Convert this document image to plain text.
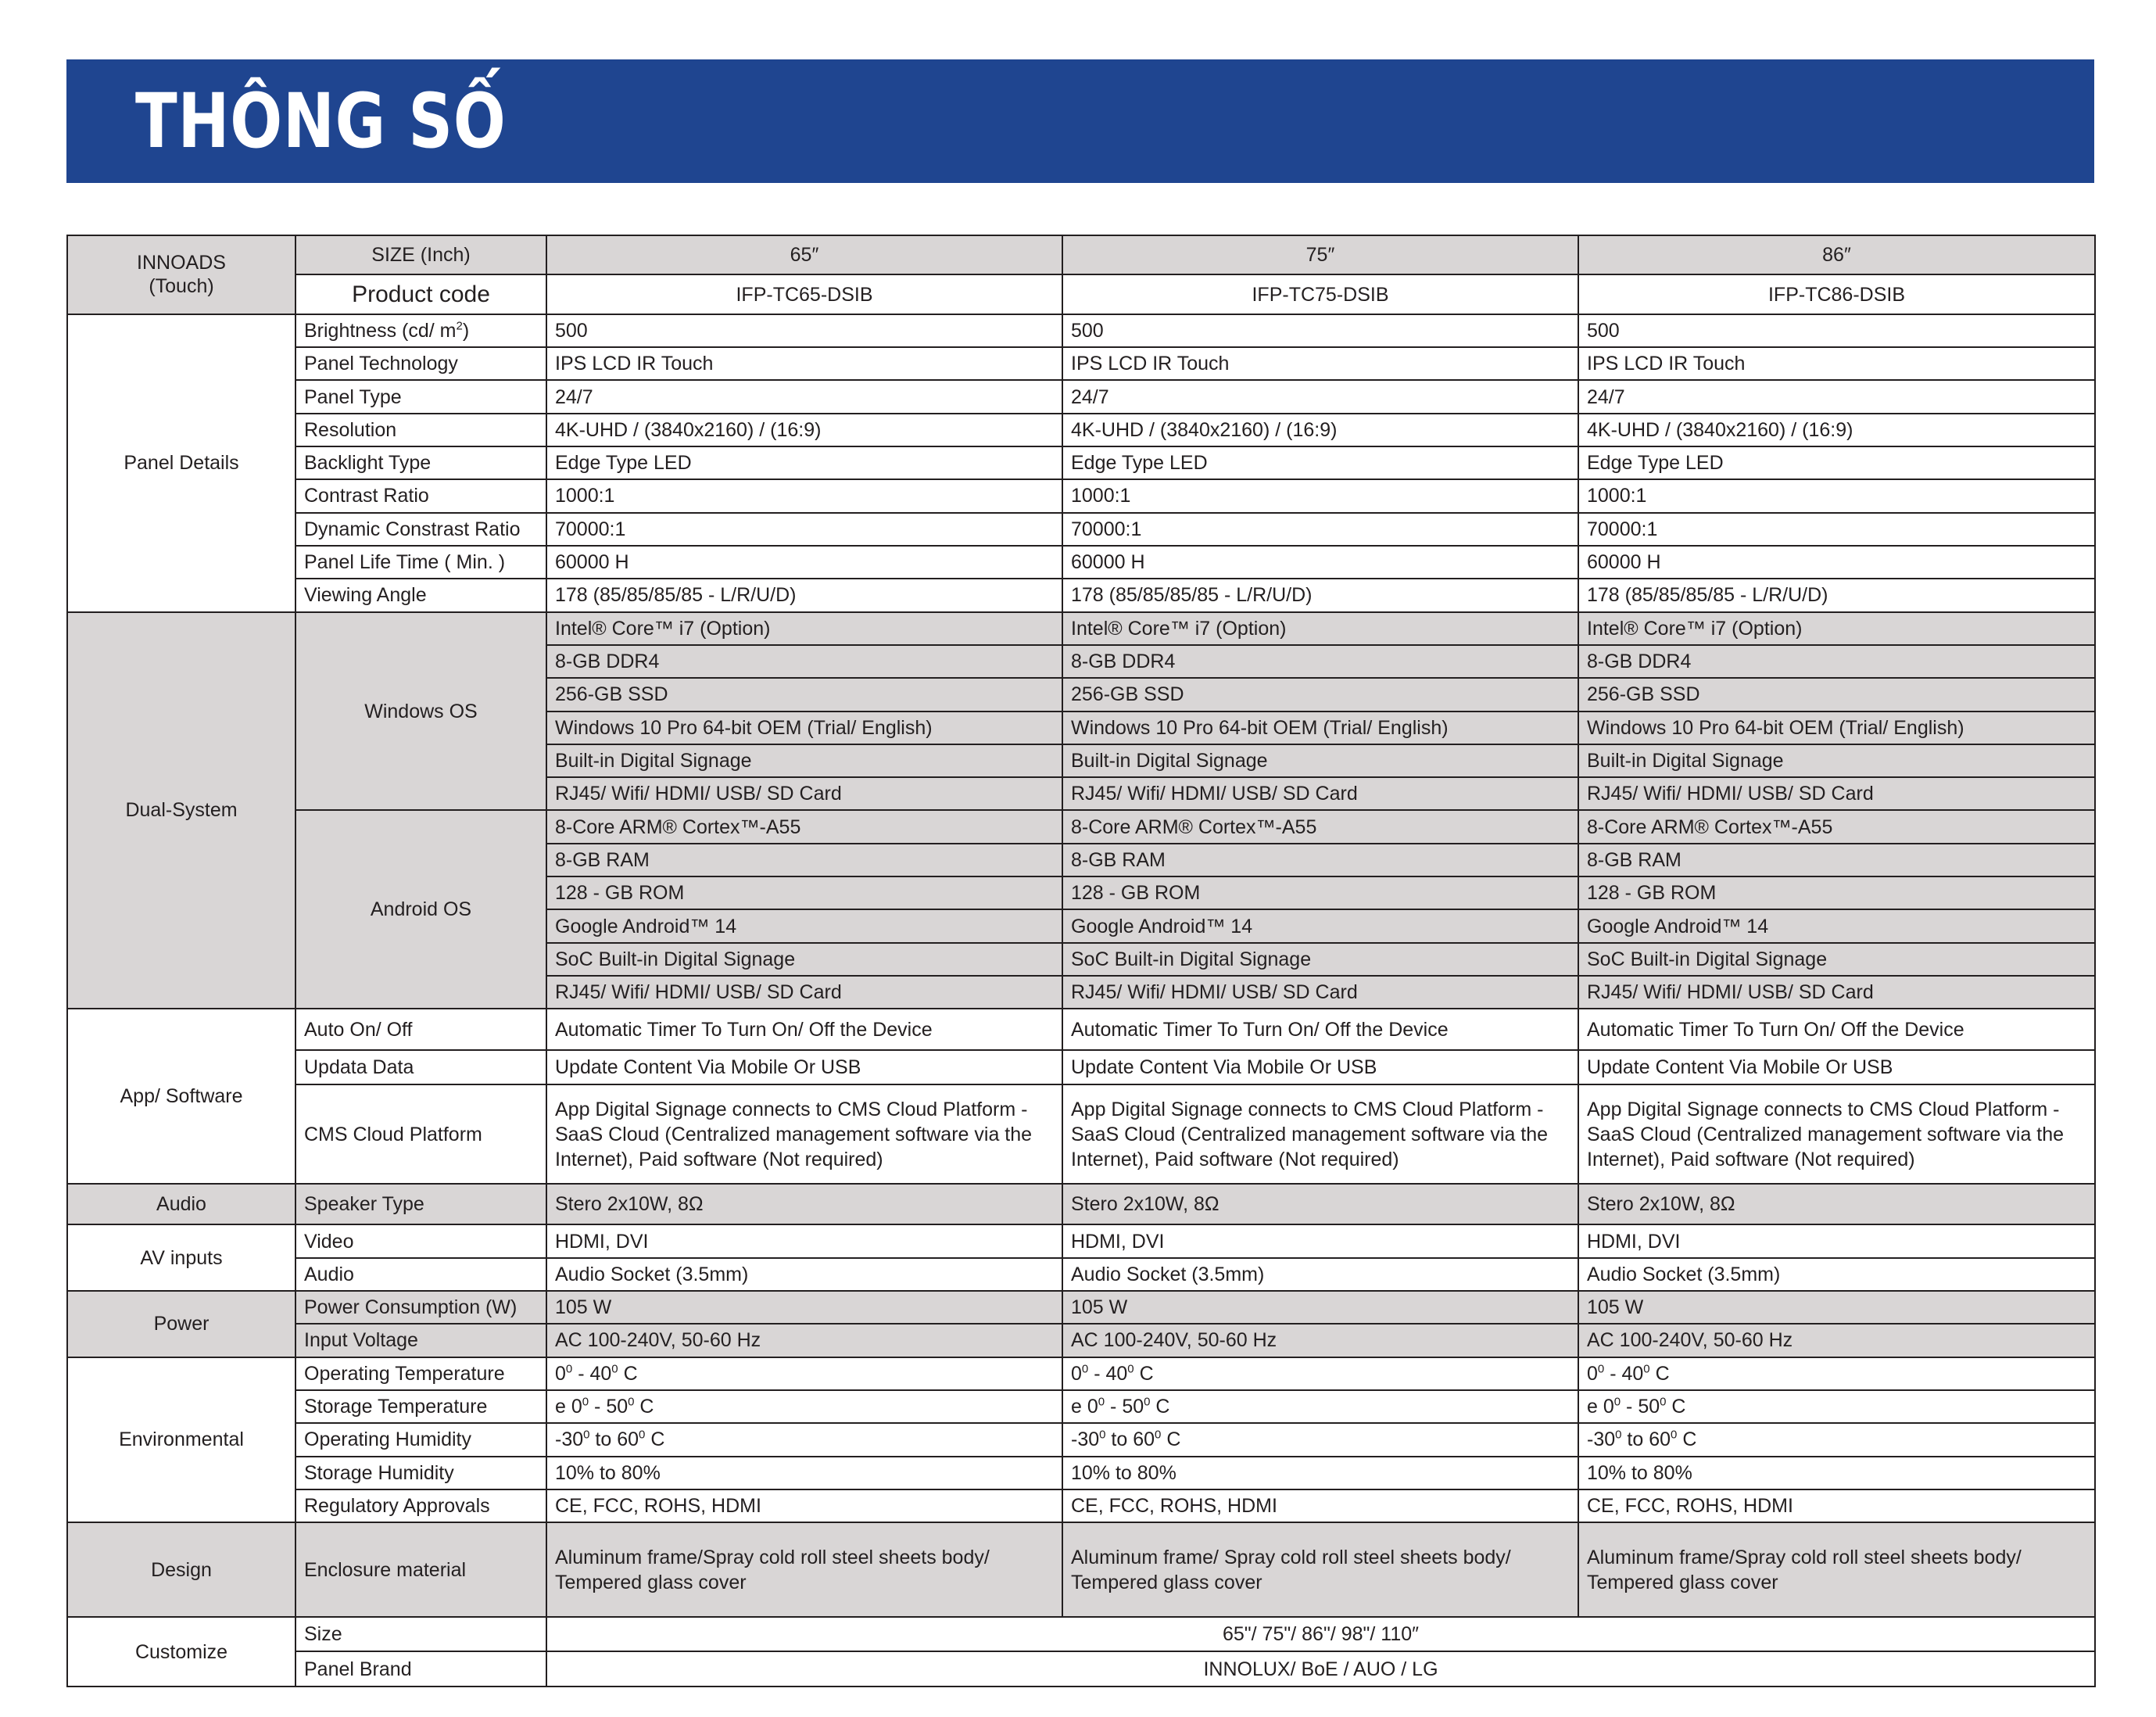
THÔNG SỐ
INNOADS
(Touch)	SIZE (Inch)	65″	75″	86″
	Product code	IFP-TC65-DSIB	IFP-TC75-DSIB	IFP-TC86-DSIB
Panel Details	Brightness (cd/ $m^2$)	500	500	500
	Panel Technology	IPS LCD IR Touch	IPS LCD IR Touch	IPS LCD IR Touch
	Panel Type	24/7	24/7	24/7
	Resolution	4K-UHD / (3840x2160) / (16:9)	4K-UHD / (3840x2160) / (16:9)	4K-UHD / (3840x2160) / (16:9)
	Backlight Type	Edge Type LED	Edge Type LED	Edge Type LED
	Contrast Ratio	1000:1	1000:1	1000:1
	Dynamic Constrast Ratio	70000:1	70000:1	70000:1
	Panel Life Time ( Min. )	60000 H	60000 H	60000 H
	Viewing Angle	178 (85/85/85/85 - L/R/U/D)	178 (85/85/85/85 - L/R/U/D)	178 (85/85/85/85 - L/R/U/D)
Dual-System	Windows OS	Intel® Core™ i7 (Option)	Intel® Core™ i7 (Option)	Intel® Core™ i7 (Option)
		8-GB DDR4	8-GB DDR4	8-GB DDR4
		256-GB SSD	256-GB SSD	256-GB SSD
		Windows 10 Pro 64-bit OEM (Trial/ English)	Windows 10 Pro 64-bit OEM (Trial/ English)	Windows 10 Pro 64-bit OEM (Trial/ English)
		Built-in Digital Signage	Built-in Digital Signage	Built-in Digital Signage
		RJ45/ Wifi/ HDMI/ USB/ SD Card	RJ45/ Wifi/ HDMI/ USB/ SD Card	RJ45/ Wifi/ HDMI/ USB/ SD Card
	Android OS	8-Core ARM® Cortex™-A55	8-Core ARM® Cortex™-A55	8-Core ARM® Cortex™-A55
		8-GB RAM	8-GB RAM	8-GB RAM
		128 - GB ROM	128 - GB ROM	128 - GB ROM
		Google Android™ 14	Google Android™ 14	Google Android™ 14
		SoC Built-in Digital Signage	SoC Built-in Digital Signage	SoC Built-in Digital Signage
		RJ45/ Wifi/ HDMI/ USB/ SD Card	RJ45/ Wifi/ HDMI/ USB/ SD Card	RJ45/ Wifi/ HDMI/ USB/ SD Card
App/ Software	Auto On/ Off	Automatic Timer To Turn On/ Off the Device	Automatic Timer To Turn On/ Off the Device	Automatic Timer To Turn On/ Off the Device
	Updata Data	Update Content Via Mobile Or USB	Update Content Via Mobile Or USB	Update Content Via Mobile Or USB
	CMS Cloud Platform	App Digital Signage connects to CMS Cloud Platform - SaaS Cloud (Centralized management software via the Internet), Paid software (Not required)	App Digital Signage connects to CMS Cloud Platform - SaaS Cloud (Centralized management software via the Internet), Paid software (Not required)	App Digital Signage connects to CMS Cloud Platform - SaaS Cloud (Centralized management software via the Internet), Paid software (Not required)
Audio	Speaker Type	Stero 2x10W, 8Ω	Stero 2x10W, 8Ω	Stero 2x10W, 8Ω
AV inputs	Video	HDMI, DVI	HDMI, DVI	HDMI, DVI
	Audio	Audio Socket (3.5mm)	Audio Socket (3.5mm)	Audio Socket (3.5mm)
Power	Power Consumption (W)	105 W	105 W	105 W
	Input Voltage	AC 100-240V, 50-60 Hz	AC 100-240V, 50-60 Hz	AC 100-240V, 50-60 Hz
Environmental	Operating Temperature	$0^0 - 40^0$ C	$0^0 - 40^0$ C	$0^0 - 40^0$ C
	Storage Temperature	e $0^0 - 50^0$ C	e $0^0 - 50^0$ C	e $0^0 - 50^0$ C
	Operating Humidity	$-30^0$ to $60^0$ C	$-30^0$ to $60^0$ C	$-30^0$ to $60^0$ C
	Storage Humidity	10% to 80%	10% to 80%	10% to 80%
	Regulatory Approvals	CE, FCC, ROHS, HDMI	CE, FCC, ROHS, HDMI	CE, FCC, ROHS, HDMI
Design	Enclosure material	Aluminum frame/Spray cold roll steel sheets body/ Tempered glass cover	Aluminum frame/ Spray cold roll steel sheets body/ Tempered glass cover	Aluminum frame/Spray cold roll steel sheets body/ Tempered glass cover
Customize	Size	65"/ 75"/ 86"/ 98"/ 110″		
	Panel Brand	INNOLUX/ BoE / AUO / LG		
